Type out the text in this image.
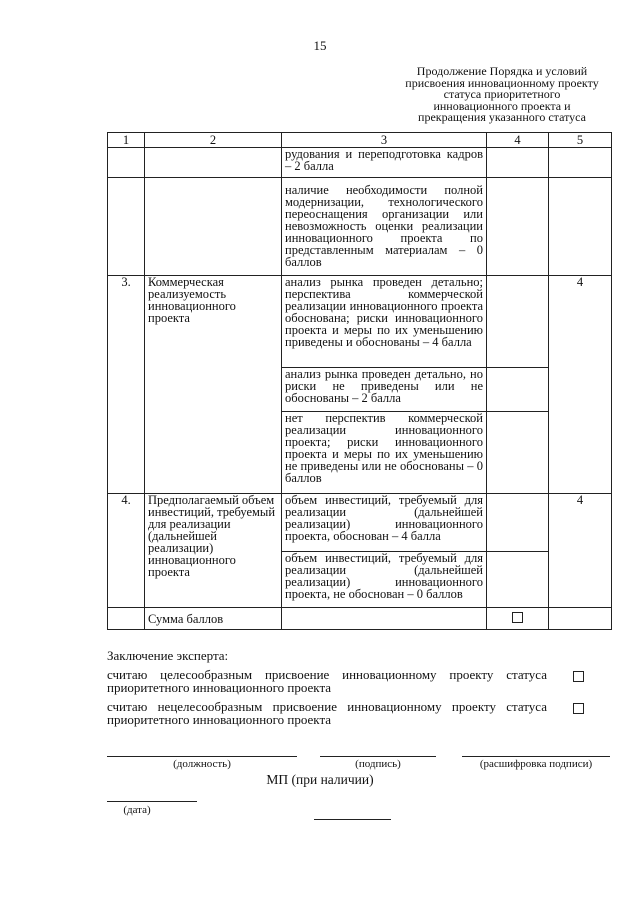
15
Продолжение Порядка и условий присвоения инновационному проекту статуса приоритетного инновационного проекта и прекращения указанного статуса
1	2	3	4	5
		рудования и переподготовка кадров – 2 балла		
		наличие необходимости полной модернизации, технологического переоснащения организации или невозможность оценки реализации инновационного проекта по представленным материалам – 0 баллов		
3.	Коммерческая реализуемость инновационного проекта	анализ рынка проведен детально; перспектива коммерческой реализации инновационного проекта обоснована; риски инновационного проекта и меры по их уменьшению приведены и обоснованы – 4 балла		4
		анализ рынка проведен детально, но риски не приведены или не обоснованы – 2 балла		
		нет перспектив коммерческой реализации инновационного проекта; риски инновационного проекта и меры по их уменьшению не приведены или не обоснованы – 0 баллов		
4.	Предполагаемый объем инвестиций, требуемый для реализации (дальнейшей реализации) инновационного проекта	объем инвестиций, требуемый для реализации (дальнейшей реализации) инновационного проекта, обоснован – 4 балла		4
		объем инвестиций, требуемый для реализации (дальнейшей реализации) инновационного проекта, не обоснован – 0 баллов		
	Сумма баллов			
Заключение эксперта:
считаю целесообразным присвоение инновационному проекту статуса приоритетного инновационного проекта
считаю нецелесообразным присвоение инновационному проекту статуса приоритетного инновационного проекта
(должность)	(подпись)	(расшифровка подписи)
МП (при наличии)
(дата)
